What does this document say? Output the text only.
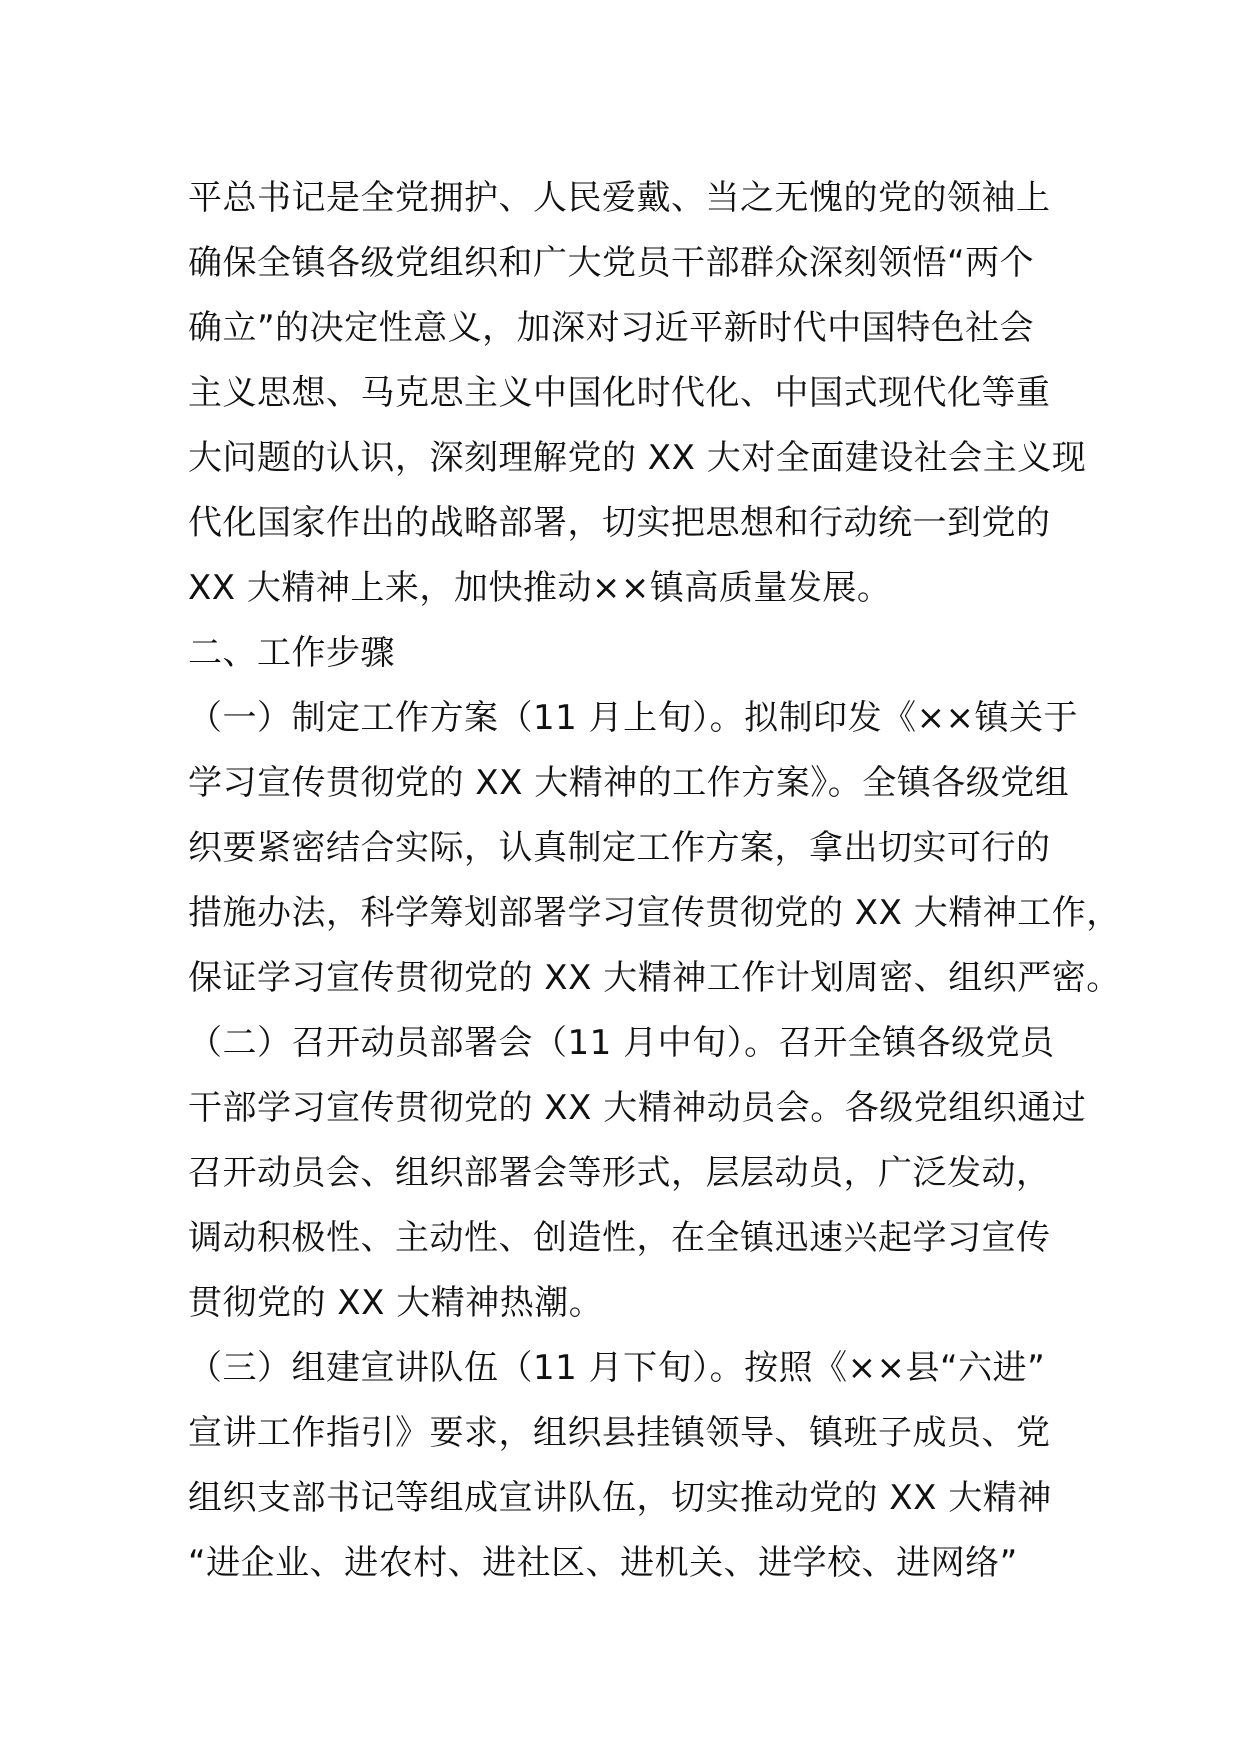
平总书记是全党拥护、人民爱戴、当之无愧的党的领袖上
确保全镇各级党组织和广大党员干部群众深刻领悟“两个
确立”的决定性意义，加深对习近平新时代中国特色社会
主义思想、马克思主义中国化时代化、中国式现代化等重
大问题的认识，深刻理解党的 XX 大对全面建设社会主义现
代化国家作出的战略部署，切实把思想和行动统一到党的
XX 大精神上来，加快推动××镇高质量发展。
二、工作步骤
（一）制定工作方案（11 月上旬）。拟制印发《××镇关于
学习宣传贯彻党的 XX 大精神的工作方案》。全镇各级党组
织要紧密结合实际，认真制定工作方案，拿出切实可行的
措施办法，科学筹划部署学习宣传贯彻党的 XX 大精神工作，
保证学习宣传贯彻党的 XX 大精神工作计划周密、组织严密。
（二）召开动员部署会（11 月中旬）。召开全镇各级党员
干部学习宣传贯彻党的 XX 大精神动员会。各级党组织通过
召开动员会、组织部署会等形式，层层动员，广泛发动，
调动积极性、主动性、创造性，在全镇迅速兴起学习宣传
贯彻党的 XX 大精神热潮。
（三）组建宣讲队伍（11 月下旬）。按照《××县“六进”
宣讲工作指引》要求，组织县挂镇领导、镇班子成员、党
组织支部书记等组成宣讲队伍，切实推动党的 XX 大精神
“进企业、进农村、进社区、进机关、进学校、进网络”
